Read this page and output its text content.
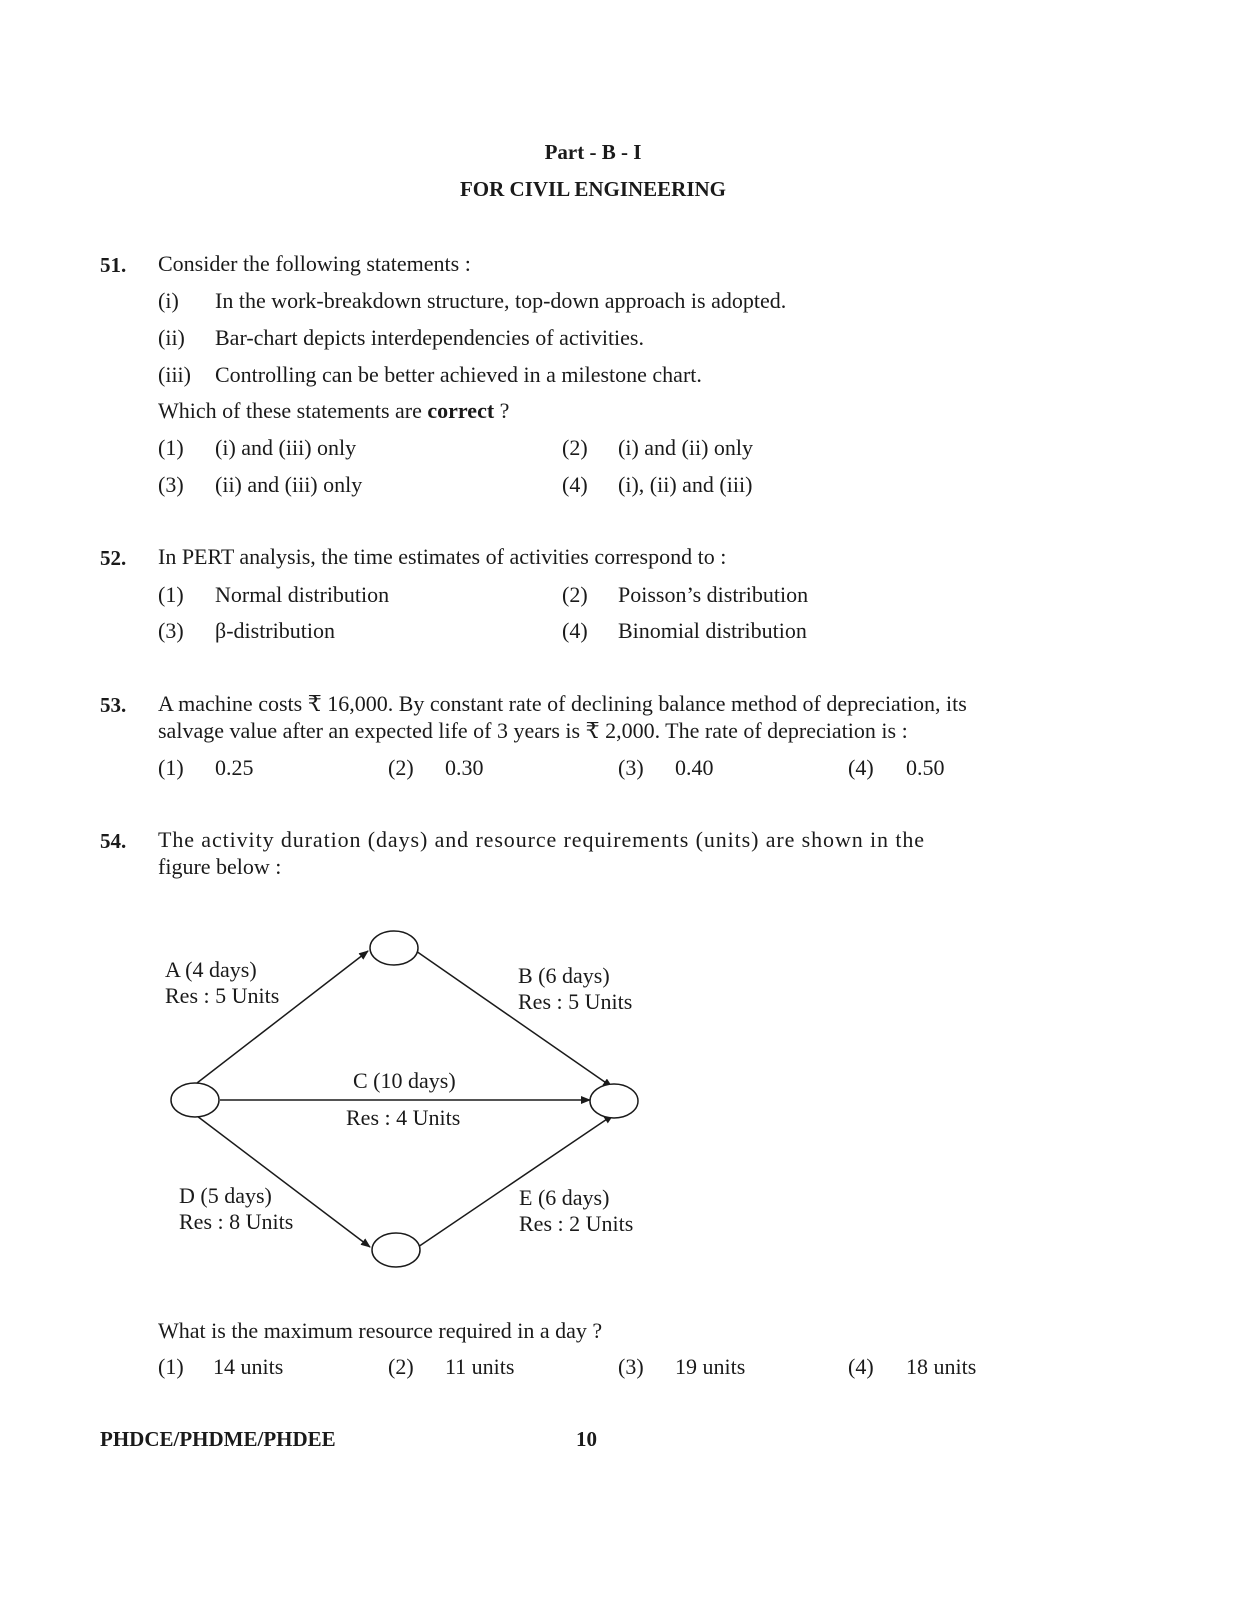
Part - B - I
FOR CIVIL ENGINEERING
51. Consider the following statements :
(i) In the work-breakdown structure, top-down approach is adopted.
(ii) Bar-chart depicts interdependencies of activities.
(iii) Controlling can be better achieved in a milestone chart.
Which of these statements are correct ?
(1) (i) and (iii) only	(2) (i) and (ii) only
(3) (ii) and (iii) only	(4) (i), (ii) and (iii)
52. In PERT analysis, the time estimates of activities correspond to :
(1) Normal distribution	(2) Poisson’s distribution
(3) β-distribution	(4) Binomial distribution
53. A machine costs ₹ 16,000. By constant rate of declining balance method of depreciation, its
salvage value after an expected life of 3 years is ₹ 2,000. The rate of depreciation is :
(1) 0.25	(2) 0.30	(3) 0.40	(4) 0.50
54. The activity duration (days) and resource requirements (units) are shown in the
figure below :
A (4 days)
Res : 5 Units
B (6 days)
Res : 5 Units
C (10 days)
Res : 4 Units
D (5 days)
Res : 8 Units
E (6 days)
Res : 2 Units
What is the maximum resource required in a day ?
(1) 14 units	(2) 11 units	(3) 19 units	(4) 18 units
PHDCE/PHDME/PHDEE	10
